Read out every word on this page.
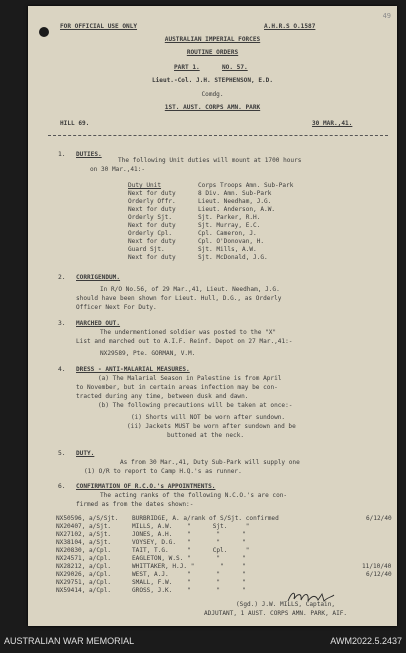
49
FOR OFFICIAL USE ONLY	A.H.R.S O.1587
AUSTRALIAN IMPERIAL FORCES
ROUTINE ORDERS
PART 1.	NO. 57.
Lieut.-Col. J.H. STEPHENSON, E.D.
Comdg.
1ST. AUST. CORPS AMN. PARK
HILL 69.	30 MAR.,41.
1. DUTIES.
The following Unit duties will mount at 1700 hours
on 30 Mar.,41:-
Duty Unit	Corps Troops Amn. Sub-Park
Next for duty	8 Div. Amn. Sub-Park
Orderly Offr.	Lieut. Needham, J.G.
Next for duty	Lieut. Anderson, A.W.
Orderly Sjt.	Sjt. Parker, R.H.
Next for duty	Sjt. Murray, E.C.
Orderly Cpl.	Cpl. Cameron, J.
Next for duty	Cpl. O'Donovan, H.
Guard Sjt.	Sjt. Mills, A.W.
Next for duty	Sjt. McDonald, J.G.
2. CORRIGENDUM.
In R/O No.56, of 29 Mar.,41, Lieut. Needham, J.G.
should have been shown for Lieut. Hull, D.G., as Orderly
Officer Next For Duty.
3. MARCHED OUT.
The undermentioned soldier was posted to the "X"
List and marched out to A.I.F. Reinf. Depot on 27 Mar.,41:-
NX29589, Pte. GORMAN, V.M.
4. DRESS - ANTI-MALARIAL MEASURES.
(a) The Malarial Season in Palestine is from April
to November, but in certain areas infection may be con-
tracted during any time, between dusk and dawn.
(b) The following precautions will be taken at once:-
(i) Shorts will NOT be worn after sundown.
(ii) Jackets MUST be worn after sundown and be
buttoned at the neck.
5. DUTY.
As from 30 Mar.,41, Duty Sub-Park will supply one
(1) O/R to report to Camp H.Q.'s as runner.
6. CONFIRMATION OF R.C.O.'s APPOINTMENTS.
The acting ranks of the following N.C.O.'s are con-
firmed as from the dates shown:-
NX50596, a/S/Sjt. BURBRIDGE, A. a/rank of S/Sjt. confirmed	6/12/40
NX20407, a/Sjt.	MILLS, A.W.    "      Sjt.     "
NX27102, a/Sjt.	JONES, A.H.    "       "      "
NX38104, a/Sjt.	VOYSEY, D.G.   "       "      "
NX20830, a/Cpl.	TAIT, T.G.     "      Cpl.     "
NX24571, a/Cpl.	EAGLETON, W.S. "       "      "
NX28212, a/Cpl.	WHITTAKER, H.J. "       "     "	11/10/40
NX29026, a/Cpl.	WEST, A.J.     "       "      "	6/12/40
NX29751, a/Cpl.	SMALL, F.W.    "       "      "
NX59414, a/Cpl.	GROSS, J.K.    "       "      "
(Sgd.) J.W. MILLS, Captain,
ADJUTANT, 1 AUST. CORPS AMN. PARK, AIF.
AUSTRALIAN WAR MEMORIAL	AWM2022.5.2437
